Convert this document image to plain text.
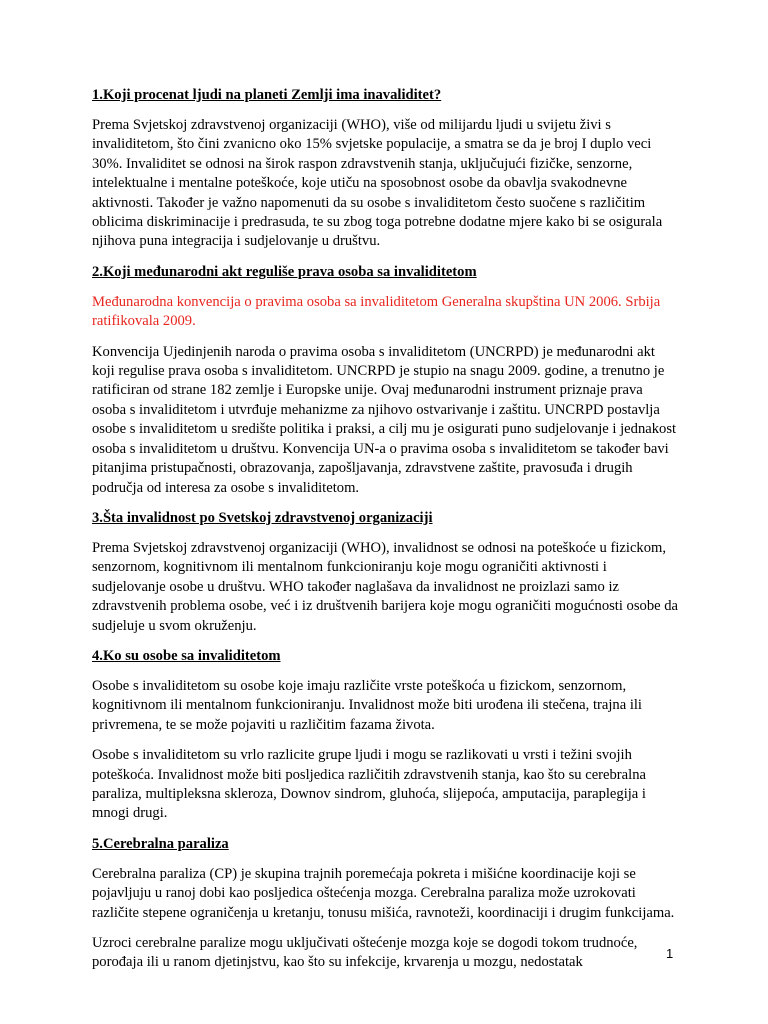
1.Koji procenat ljudi na planeti Zemlji ima inavaliditet?

Prema Svjetskoj zdravstvenoj organizaciji (WHO), više od milijardu ljudi u svijetu živi s invaliditetom, što čini zvanicno oko 15% svjetske populacije, a smatra se da je broj I duplo veci 30%. Invaliditet se odnosi na širok raspon zdravstvenih stanja, uključujući fizičke, senzorne, intelektualne i mentalne poteškoće, koje utiču na sposobnost osobe da obavlja svakodnevne aktivnosti. Također je važno napomenuti da su osobe s invaliditetom često suočene s različitim oblicima diskriminacije i predrasuda, te su zbog toga potrebne dodatne mjere kako bi se osigurala njihova puna integracija i sudjelovanje u društvu.

2.Koji međunarodni akt reguliše prava osoba sa invaliditetom

Međunarodna konvencija o pravima osoba sa invaliditetom Generalna skupština UN 2006. Srbija ratifikovala 2009.

Konvencija Ujedinjenih naroda o pravima osoba s invaliditetom (UNCRPD) je međunarodni akt koji regulise prava osoba s invaliditetom. UNCRPD je stupio na snagu 2009. godine, a trenutno je ratificiran od strane 182 zemlje i Europske unije. Ovaj međunarodni instrument priznaje prava osoba s invaliditetom i utvrđuje mehanizme za njihovo ostvarivanje i zaštitu. UNCRPD postavlja osobe s invaliditetom u središte politika i praksi, a cilj mu je osigurati puno sudjelovanje i jednakost osoba s invaliditetom u društvu. Konvencija UN-a o pravima osoba s invaliditetom se također bavi pitanjima pristupačnosti, obrazovanja, zapošljavanja, zdravstvene zaštite, pravosuđa i drugih područja od interesa za osobe s invaliditetom.

3.Šta invalidnost po Svetskoj zdravstvenoj organizaciji

Prema Svjetskoj zdravstvenoj organizaciji (WHO), invalidnost se odnosi na poteškoće u fizickom, senzornom, kognitivnom ili mentalnom funkcioniranju koje mogu ograničiti aktivnosti i sudjelovanje osobe u društvu. WHO također naglašava da invalidnost ne proizlazi samo iz zdravstvenih problema osobe, već i iz društvenih barijera koje mogu ograničiti mogućnosti osobe da sudjeluje u svom okruženju.

4.Ko su osobe sa invaliditetom

Osobe s invaliditetom su osobe koje imaju različite vrste poteškoća u fizickom, senzornom, kognitivnom ili mentalnom funkcioniranju. Invalidnost može biti urođena ili stečena, trajna ili privremena, te se može pojaviti u različitim fazama života.

Osobe s invaliditetom su vrlo razlicite grupe ljudi i mogu se razlikovati u vrsti i težini svojih poteškoća. Invalidnost može biti posljedica različitih zdravstvenih stanja, kao što su cerebralna paraliza, multipleksna skleroza, Downov sindrom, gluhoća, slijepoća, amputacija, paraplegija i mnogi drugi.

5.Cerebralna paraliza

Cerebralna paraliza (CP) je skupina trajnih poremećaja pokreta i mišićne koordinacije koji se pojavljuju u ranoj dobi kao posljedica oštećenja mozga. Cerebralna paraliza može uzrokovati različite stepene ograničenja u kretanju, tonusu mišića, ravnoteži, koordinaciji i drugim funkcijama.

Uzroci cerebralne paralize mogu uključivati oštećenje mozga koje se dogodi tokom trudnoće, porođaja ili u ranom djetinjstvu, kao što su infekcije, krvarenja u mozgu, nedostatak

1
